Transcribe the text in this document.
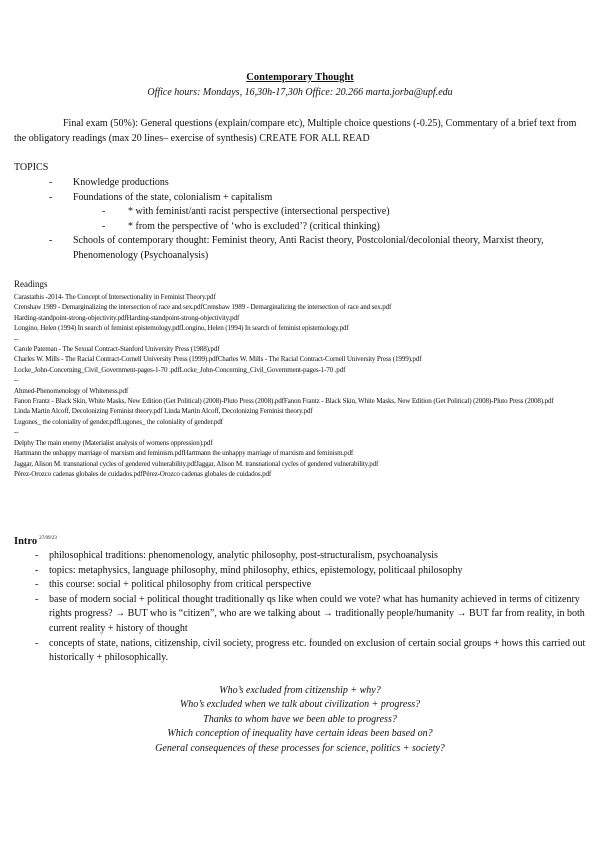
Contemporary Thought
Office hours: Mondays, 16,30h-17,30h Office: 20.266 marta.jorba@upf.edu
Final exam (50%): General questions (explain/compare etc), Multiple choice questions (-0.25), Commentary of a brief text from the obligatory readings (max 20 lines– exercise of synthesis) CREATE FOR ALL READ
TOPICS
- Knowledge productions
- Foundations of the state, colonialism + capitalism
- * with feminist/anti racist perspective (intersectional perspective)
- * from the perspective of ‘who is excluded’? (critical thinking)
- Schools of contemporary thought: Feminist theory, Anti Racist theory, Postcolonial/decolonial theory, Marxist theory, Phenomenology (Psychoanalysis)
Readings
Carastathis -2014- The Concept of Intersectionality in Feminist Theory.pdf
Crenshaw 1989 - Demarginalizing the intersection of race and sex.pdfCrenshaw 1989 - Demarginalizing the intersection of race and sex.pdf
Harding-standpoint-strong-objectivity.pdfHarding-standpoint-strong-objectivity.pdf
Longino, Helen (1994) In search of feminist epistemology.pdfLongino, Helen (1994) In search of feminist epistemology.pdf
--
Carole Pateman - The Sexual Contract-Stanford University Press (1988).pdf
Charles W. Mills - The Racial Contract-Cornell University Press (1999).pdfCharles W. Mills - The Racial Contract-Cornell University Press (1999).pdf
Locke_John-Concerning_Civil_Government-pages-1-70 .pdfLocke_John-Concerning_Civil_Government-pages-1-70 .pdf
--
Ahmed-Phenomenology of Whiteness.pdf
Fanon Frantz - Black Skin, White Masks, New Edition (Get Political) (2008)-Pluto Press (2008).pdfFanon Frantz - Black Skin, White Masks, New Edition (Get Political) (2008)-Pluto Press (2008).pdf
Linda Martin Alcoff, Decolonizing Feminist theory.pdf Linda Martin Alcoff, Decolonizing Feminist theory.pdf
Lugones_ the coloniality of gender.pdfLugones_ the coloniality of gender.pdf
--
Delphy The main enemy (Materialist analysis of womens oppression).pdf
Hartmann the unhappy marriage of marxism and feminism.pdfHartmann the unhappy marriage of marxism and feminism.pdf
Jaggar, Alison M. transnational cycles of gendered vulnerability.pdfJaggar, Alison M. transnational cycles of gendered vulnerability.pdf
Pérez-Orozco cadenas globales de cuidados.pdfPérez-Orozco cadenas globales de cuidados.pdf
Intro $^{27/09/23}$
- philosophical traditions: phenomenology, analytic philosophy, post-structuralism, psychoanalysis
- topics: metaphysics, language philosophy, mind philosophy, ethics, epistemology, politicaal philosophy
- this course: social + political philosophy from critical perspective
- base of modern social + political thought traditionally qs like when could we vote? what has humanity achieved in terms of citizenry rights progress? → BUT who is “citizen”, who are we talking about → traditionally people/humanity → BUT far from reality, in both current reality + history of thought
- concepts of state, nations, citizenship, civil society, progress etc. founded on exclusion of certain social groups + hows this carried out historically + philosophically.
Who’s excluded from citizenship + why?
Who’s excluded when we talk about civilization + progress?
Thanks to whom have we been able to progress?
Which conception of inequality have certain ideas been based on?
General consequences of these processes for science, politics + society?
